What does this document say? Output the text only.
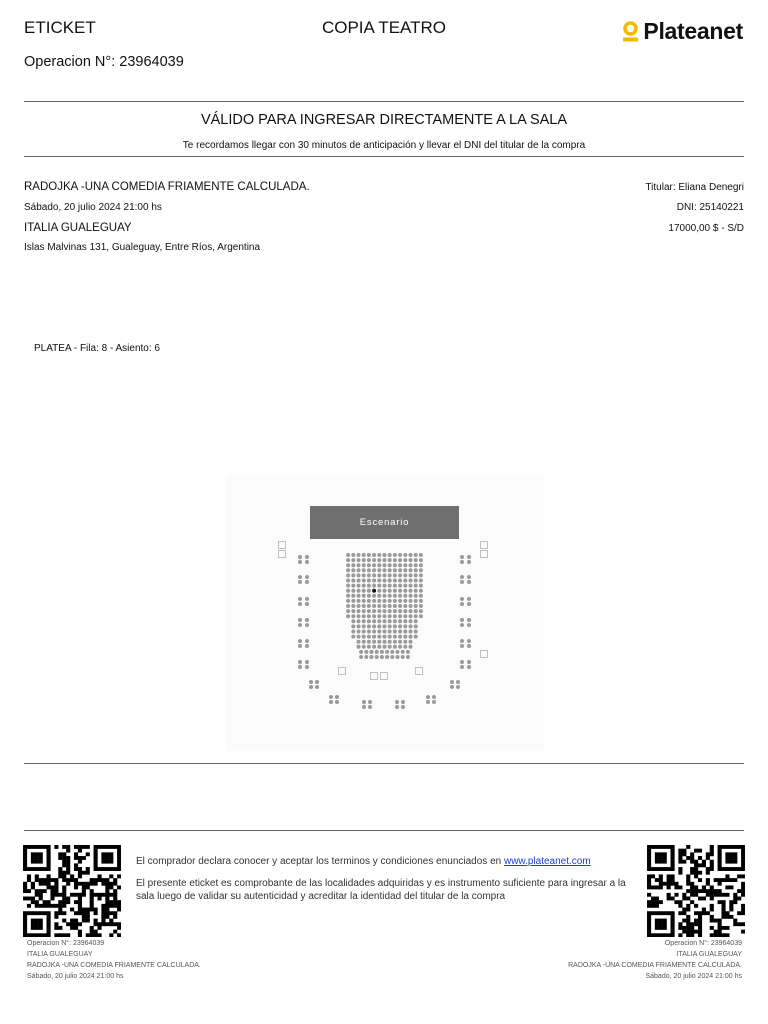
ETICKET	COPIA TEATRO	Plateanet
Operacion N°: 23964039
VÁLIDO PARA INGRESAR DIRECTAMENTE A LA SALA
Te recordamos llegar con 30 minutos de anticipación y llevar el DNI del titular de la compra
RADOJKA -UNA COMEDIA FRIAMENTE CALCULADA.
Sábado, 20 julio 2024 21:00 hs
ITALIA GUALEGUAY
Islas Malvinas 131, Gualeguay, Entre Ríos, Argentina
Titular: Eliana Denegri
DNI: 25140221
17000,00 $ - S/D
PLATEA - Fila: 8 - Asiento: 6
Escenario
El comprador declara conocer y aceptar los terminos y condiciones enunciados en www.plateanet.com
El presente eticket es comprobante de las localidades adquiridas y es instrumento suficiente para ingresar a la sala luego de validar su autenticidad y acreditar la identidad del titular de la compra
Operacion N°: 23964039
ITALIA GUALEGUAY
RADOJKA -UNA COMEDIA FRIAMENTE CALCULADA.
Sábado, 20 julio 2024 21:00 hs
Operacion N°: 23964039
ITALIA GUALEGUAY
RADOJKA -UNA COMEDIA FRIAMENTE CALCULADA.
Sábado, 20 julio 2024 21:00 hs
